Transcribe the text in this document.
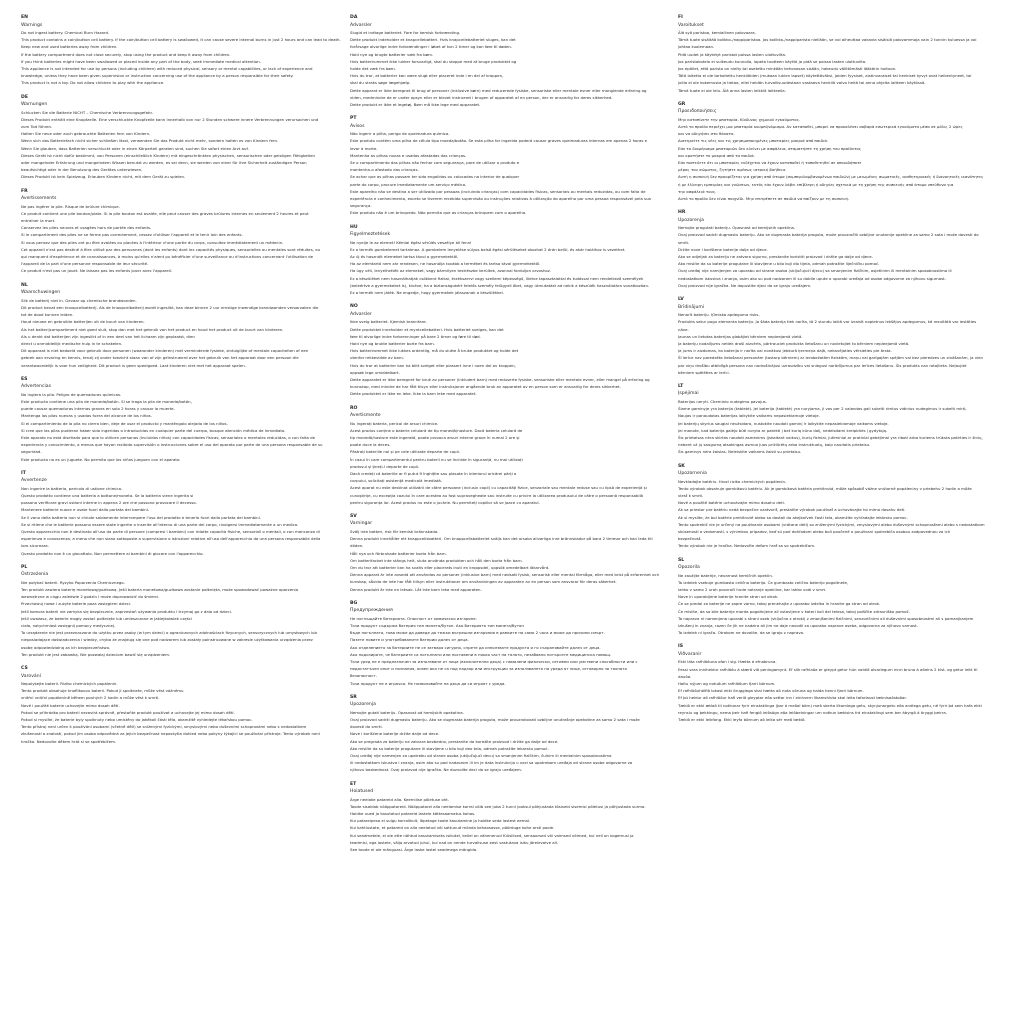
EN
Warnings
Do not ingest battery. Chemical Burn Hazard.
This product contains a coin/button cell battery. If the coin/button cell battery is swallowed, it can cause severe internal burns in just 2 hours and can lead to death.
Keep new and used batteries away from children.
If the battery compartment does not close securely, stop using the product and keep it away from children.
If you think batteries might have been swallowed or placed inside any part of the body, seek immediate medical attention.
This appliance is not intended for use by persons (including children) with reduced physical, sensory or mental capabilities, or lack of experience and
knowledge, unless they have been given supervision or instruction concerning use of the appliance by a person responsible for their safety.
This product is not a toy. Do not allow children to play with the appliance.
DE
Warnungen
Schlucken Sie die Batterie NICHT – Chemische Verbrennungsgefahr.
Dieses Produkt enthält eine Knopfzelle. Eine verschluckte Knopfzelle kann innerhalb von nur 2 Stunden schwere innere Verbrennungen verursachen und
zum Tod führen.
Halten Sie neue oder auch gebrauchte Batterien fern von Kindern.
Wenn sich das Batteriefach nicht sicher schließen lässt, verwenden Sie das Produkt nicht mehr, sondern halten es von Kindern fern.
Wenn Sie glauben, dass Batterien verschluckt oder in einen Körperteil geraten sind, suchen Sie sofort einen Arzt auf.
Dieses Gerät ist nicht dafür bestimmt, von Personen (einschließlich Kindern) mit eingeschränkten physischen, sensorischen oder geistigen Fähigkeiten
oder mangelnder Erfahrung und mangelndem Wissen benutzt zu werden, es sei denn, sie werden von einer für ihre Sicherheit zuständigen Person
beaufsichtigt oder in der Benutzung des Gerätes unterwiesen.
Dieses Produkt ist kein Spielzeug. Erlauben Kindern nicht, mit dem Gerät zu spielen.
FR
Avertissements
Ne pas ingérer la pile. Risque de brûlure chimique.
Ce produit contient une pile bouton/plate. Si la pile bouton est avalée, elle peut causer des graves brûlures internes en seulement 2 heures et peut
entraîner la mort.
Conservez les piles neuves et usagées hors de portée des enfants.
Si le compartiment des piles ne se ferme pas correctement, cessez d'utiliser l'appareil et le tenir loin des enfants.
Si vous pensez que des piles ont pu être avalées ou placées à l'intérieur d'une partie du corps, consultez immédiatement un médecin.
Cet appareil n'est pas destiné à être utilisé par des personnes (dont les enfants) dont les capacités physiques, sensorielles ou mentales sont réduites, ou
qui manquent d'expérience et de connaissances, à moins qu'elles n'aient pu bénéficier d'une surveillance ou d'instructions concernant l'utilisation de
l'appareil de la part d'une personne responsable de leur sécurité.
Ce produit n'est pas un jouet. Ne laissez pas les enfants jouer avec l'appareil.
NL
Waarschuwingen
Slik de batterij niet in. Gevaar op chemische brandwonden.
Dit product bevat een knoopcelbatterij. Als de knoopcelbatterij wordt ingeslikt, kan deze binnen 2 uur ernstige inwendige brandwonden veroorzaken die
tot de dood kunnen leiden.
Houd nieuwe en gebruikte batterijen uit de buurt van kinderen.
Als het batterijcompartiment niet goed sluit, stop dan met het gebruik van het product en houd het product uit de buurt van kinderen.
Als u denkt dat batterijen zijn ingeslikt of in een deel van het lichaam zijn geplaatst, dien
direct u onmiddellijk medische hulp in te schakelen.
Dit apparaat is niet bedoeld voor gebruik door personen (waaronder kinderen) met verminderde fysieke, zintuiglijke of mentale capaciteiten of een
gebrek aan ervaring en kennis, tenzij zij onder toezicht staan van of zijn geïnstrueerd over het gebruik van het apparaat door een persoon die
verantwoordelijk is voor hun veiligheid. Dit product is geen speelgoed. Laat kinderen niet met het apparaat spelen.
ES
Advertencias
No ingiera la pila. Peligro de quemaduras químicas.
Este producto contiene una pila de moneda/botón. Si se traga la pila de moneda/botón,
puede causar quemaduras internas graves en solo 2 horas y causar la muerte.
Mantenga las pilas nuevas y usadas fuera del alcance de los niños.
Si el compartimiento de la pila no cierra bien, deje de usar el producto y manténgalo alejado de los niños.
Si cree que las pilas pudieran haber sido ingeridas o introducidas en cualquier parte del cuerpo, busque atención médica de inmediato.
Este aparato no está diseñado para que lo utilicen personas (incluidos niños) con capacidades físicas, sensoriales o mentales reducidas, o con falta de
experiencia y conocimiento, a menos que hayan recibido supervisión o instrucciones sobre el uso del aparato por parte de una persona responsable de su
seguridad.
Este producto no es un juguete. No permita que los niños jueguen con el aparato.
IT
Avvertenze
Non ingerire la batteria, pericolo di ustione chimica.
Questo prodotto contiene una batteria a bottone/moneta. Se la batteria viene ingerita si
possono verificare gravi ustioni interne in appena 2 ore che possono provocare il decesso.
Mantenere batterie nuove e usate fuori dalla portata dei bambini.
Se il vano della batteria non si chiude saldamente interrompere l'uso del prodotto e tenerlo fuori dalla portata dei bambini.
Se si ritiene che le batterie possano essere state ingerite o inserite all'interno di una parte del corpo, rivolgersi immediatamente a un medico.
Questo apparecchio non è destinato all'uso da parte di persone (compresi i bambini) con ridotte capacità fisiche, sensoriali o mentali, o con mancanza di
esperienza e conoscenza, a meno che non siano sottoposte a supervisione o istruzioni relative all'uso dell'apparecchio da una persona responsabile della
loro sicurezza.
Questo prodotto non è un giocattolo. Non permettere ai bambini di giocare con l'apparecchio.
PL
Ostrzeżenia
Nie połykać baterii. Ryzyko Poparzenia Chemicznego.
Ten produkt zawiera baterię monetową/guzikową. Jeśli bateria monetowa/guzikowa zostanie połknięta, może spowodować poważne oparzenia
wewnętrzne w ciągu zaledwie 2 godzin i może doprowadzić do śmierci.
Przechowuj nowe i zużyte baterie poza zasięgiem dzieci.
Jeśli komora baterii nie zamyka się bezpiecznie, zaprzestań używania produktu i trzymaj go z dala od dzieci.
Jeśli uważasz, że baterie mogły zostać połknięte lub umieszczone w jakiejkolwiek części
ciała, natychmiast zasięgnij pomocy medycznej.
To urządzenie nie jest przeznaczone do użytku przez osoby (w tym dzieci) o ograniczonych zdolnościach fizycznych, sensorycznych lub umysłowych lub
nieposiadające doświadczenia i wiedzy, chyba że znajdują się one pod nadzorem lub zostały poinstruowane w zakresie użytkowania urządzenia przez
osobę odpowiedzialną za ich bezpieczeństwo.
Ten produkt nie jest zabawką. Nie pozwalaj dzieciom bawić się urządzeniem.
CS
Varování
Nepolykejte baterii. Riziko chemických popálenin.
Tento produkt obsahuje knoflíkovou baterii. Pokud ji spolknete, může vést vážnému
vnitřní vnitřní popálenině během pouhých 2 hodin a může vést k smrti.
Nové i použité baterie uchovejte mimo dosah dětí.
Pokud se přihrádka pro baterii nezavírá správně, přestaňte produkt používat a uchovejte jej mimo dosah dětí.
Pokud si myslíte, že baterie byly spolknuty nebo umístěny do jakékoli části těla, okamžitě vyhledejte lékařskou pomoc.
Tento přístroj není určen k používání osobami (včetně dětí) se sníženými fyzickými, smyslovými nebo duševními schopnostmi nebo s nedostatkem
zkušeností a znalostí, pokud jim osoba odpovědná za jejich bezpečnost neposkytla dohled nebo pokyny týkající se používání přístroje. Tento výrobek není
hračka. Nedovolte dětem hrát si se spotřebičem.
DA
Advarsler
Slugid et indtage batteriet. Fare for kemisk forbrænding.
Dette produkt indeholder et knapcellebatteri. Hvis knapcellebatteriet sluges, kan det
forårsage alvorlige indre forbrændinger i løbet af kun 2 timer og kan føre til døden.
Hold nye og brugte batterier væk fra børn.
Hvis batterirummet ikke lukker forsvarligt, skal du stoppe med at bruge produktet og
holde det væk fra børn.
Hvis du tror, at batterier kan være slugt eller placeret inde i en del af kroppen,
skal du straks søge lægehjælp.
Dette apparat er ikke beregnet til brug af personer (inklusive børn) med reducerede fysiske, sensoriske eller mentale evner eller manglende erfaring og
viden, medmindre de er under opsyn eller er blevet instrueret i brugen af apparatet af en person, der er ansvarlig for deres sikkerhed.
Dette produkt er ikke et legetøj. Børn må ikke lege med apparatet.
PT
Avisos
Não ingerir a pilha, perigo de queimadura química.
Este produto contém uma pilha de célula tipo moeda/botão. Se esta pilha for ingerida poderá causar graves queimaduras internas em apenas 2 horas e
levar à morte.
Mantenha as pilhas novas e usadas afastadas das crianças.
Se o compartimento das pilhas não fechar com segurança, pare de utilizar o produto e
mantenha-o afastado das crianças.
Se achar que as pilhas possam ter sido engolidas ou colocadas no interior de qualquer
parte do corpo, procure imediatamente um serviço médico.
Este aparelho não se destina a ser utilizado por pessoas (incluindo crianças) com capacidades físicas, sensoriais ou mentais reduzidas, ou com falta de
experiência e conhecimento, exceto se tiverem recebido supervisão ou instruções relativas à utilização do aparelho por uma pessoa responsável pela sua
segurança.
Este produto não é um brinquedo. Não permita que as crianças brinquem com o aparelho.
HU
Figyelmeztetések
Ne nyelje le az elemet! Kémiai égési sérülés veszélye áll fenn!
Ez a termék gombelemet tartalmaz. A gombelem lenyelése súlyos belső égési sérüléseket okozhat 2 órán belül, és akár halálhoz is vezethet.
Az új és használt elemeket tartsa távol a gyermekektől.
Ha az elemtartó nem zár rendesen, ne használja tovább a terméket és tartsa távol gyermekektől.
Ha úgy véli, lenyelhették az elemeket, vagy bármilyen testrészbe kerültek, azonnal forduljon orvoshoz.
Ez a készüléket nem használhatják csökkent fizikai, érzékszervi vagy szellemi képességű, illetve tapasztalattal és tudással nem rendelkező személyek
(beleértve a gyermekeket is), kivéve, ha a biztonságukért felelős személy felügyeli őket, vagy útmutatást ad nekik a készülék használatára vonatkozóan.
Ez a termék nem játék. Ne engedje, hogy gyermekek játsszanak a készülékkel.
NO
Advarsler
Ikke svelg batteriet. Kjemisk brannfare.
Dette produktet inneholder et myntcellebatteri. Hvis batteriet svelges, kan det
føre til alvorlige indre forbrenninger på bare 2 timer og føre til død.
Hold nye og brukte batterier borte fra barn.
Hvis batterirommet ikke lukkes ordentlig, må du slutte å bruke produktet og holde det
utenfor rekkevidde av barn.
Hvis du tror at batterier kan ha blitt svelget eller plassert inne i noen del av kroppen,
oppsøk lege umiddelbart.
Dette apparatet er ikke beregnet for bruk av personer (inkludert barn) med reduserte fysiske, sensoriske eller mentale evner, eller mangel på erfaring og
kunnskap, med mindre de har fått tilsyn eller instruksjoner angående bruk av apparatet av en person som er ansvarlig for deres sikkerhet.
Dette produktet er ikke en leke. Ikke la barn leke med apparatet.
RO
Avertismente
Nu ingerați bateria, pericol de arsuri chimice.
Acest produs conține o baterie celulară de tip monedă/nasture. Dacă bateria celulară de
tip monedă/nasture este ingerată, poate provoca arsuri interne grave în numai 2 ore și
poate duce la deces.
Păstrați bateriile noi și pe cele utilizate departe de copii.
În cazul în care compartimentul pentru baterii nu se închide în siguranță, nu mai utilizați
produsul și țineți-l departe de copii.
Dacă credeți că bateriile ar fi putut fi înghițite sau plasate în interiorul oricărei părți a
corpului, solicitați asistență medicală imediată.
Acest aparat nu este destinat utilizării de către persoane (inclusiv copii) cu capacități fizice, senzoriale sau mentale reduse sau cu lipsă de experiență și
cunoștințe, cu excepția cazului în care acestea au fost supravegheate sau instruite cu privire la utilizarea produsului de către o persoană responsabilă
pentru siguranța lor. Acest produs nu este o jucărie. Nu permiteți copiilor să se joace cu aparatul.
SV
Varningar
Svälj inte batteri, risk för kemisk brännskada.
Denna produkt innehåller ett knappcellsbatteri. Om knappcellsbatteriet sväljs kan det orsaka allvarliga inre brännskador på bara 2 timmar och kan leda till
döden.
Håll nya och förbrukade batterier borta från barn.
Om batterifacket inte stängs helt, sluta använda produkten och håll den borta från barn.
Om du tror att batterier kan ha svalts eller placerats inuti en kroppsdel, uppsök omedelbart läkarvård.
Denna apparat är inte avsedd att användas av personer (inklusive barn) med nedsatt fysisk, sensorisk eller mental förmåga, eller med brist på erfarenhet och
kunskap, såvida de inte har fått tillsyn eller instruktioner om användningen av apparaten av en person som ansvarar för deras säkerhet.
Denna produkt är inte en leksak. Låt inte barn leka med apparaten.
BG
Предупреждения
Не поглъщайте батерията. Опасност от химическо изгаряне.
Този продукт съдържа батерия тип монета/бутон. Ако батерията тип монета/бутон
бъде погълната, това може да доведе до тежки вътрешни изгаряния в рамките на само 2 часа и може да причини смърт.
Пазете новите и употребяваните батерии далеч от деца.
Ако отделението за батериите не се затваря сигурно, спрете да използвате продукта и го съхранявайте далеч от деца.
Ако подозирате, че батериите са погълнати или поставени в някоя част на тялото, незабавно потърсете медицинска помощ.
Този уред не е предназначен за използване от лица (включително деца) с намалени физически, сетивни или умствени способности или с
недостатъчен опит и познания, освен ако не са под надзор или инструкции за използването на уреда от лице, отговорно за тяхната
безопасност.
Този продукт не е играчка. Не позволявайте на деца да си играят с уреда.
SR
Upozorenja
Nemojte gutati bateriju. Opasnost od hemijskih opekotina.
Ovaj proizvod sadrži dugmastu bateriju. Ako se dugmasta baterija proguta, može prouzrokovati ozbiljne unutrašnje opekotine za samo 2 sata i može
dovesti do smrti.
Nove i korišćene baterije držite dalje od dece.
Ako se pregrada za bateriju ne zatvara bezbedno, prestanite da koristite proizvod i držite ga dalje od dece.
Ako mislite da su baterije progutane ili stavljene u bilo koji deo tela, odmah potražite lekarsku pomoć.
Ovaj uređaj nije namenjen za upotrebu od strane osoba (uključujući decu) sa smanjenim fizičkim, čulnim ili mentalnim sposobnostima
ili nedostatkom iskustva i znanja, osim ako su pod nadzorom ili im je data instrukcija u vezi sa upotrebom uređaja od strane osobe odgovorne za
njihovu bezbednost. Ovaj proizvod nije igračka. Ne dozvolite deci da se igraju uređajem.
ET
Hoiatused
Ärge neelake patareid alla. Keemilise põletuse oht.
Toode sisaldab nööppatareid. Nööppatarei alla neelamise korral võib see juba 2 tunni jooksul põhjustada tõsiseid sisemisi põletusi ja põhjustada surma.
Hoidke uued ja kasutatud patareid lastele kättesaamatus kohas.
Kui patareipesa ei sulgu korralikult, lõpetage toote kasutamine ja hoidke seda lastest eemal.
Kui kahtlustate, et patareid on alla neelatud või sattunud mõnda kehaosasse, pöörduge kohe arsti poole.
Kui seadmetele, ei ole ette nähtud kasutamiseks isikutel, kellel on vähenenud füüsilised, sensoorsed või vaimsed võimed, kui neil on kogemusi ja
teadmisi, ega lastele, välja arvatud juhul, kui nad on nende turvalisuse eest vastutava isiku järelevalve all.
See toode ei ole mänguasi. Ärge laske lastel seadmega mängida.
FI
Varoitukset
Älä syö paristoa, kemiallinen palovaara.
Tämä tuote sisältää kolikko-/nappiparistoa. Jos kolikko-/nappiparisto niellään, se voi aiheuttaa vakavia sisäisiä palovammoja vain 2 tunnin kuluessa ja voi
johtaa kuolemaan.
Pidä uudet ja käytetyt paristot poissa lasten ulottuvilta.
Jos paristokotelo ei sulkeudu kunnolla, lopeta tuotteen käyttö ja pidä se poissa lasten ulottuvilta.
Jos epäilet, että paristo on nielty tai asetettu minkään kehonosan sisään, hakeudu välittömästi lääkärin hoitoon.
Tätä laitetta ei ole tarkoitettu henkilöiden (mukaan lukien lapset) käytettäväksi, joiden fyysiset, aistinvaraiset tai henkiset kyvyt ovat heikentyneet, tai
joilla ei ole kokemusta ja tietoa, ellei heidän turvallisuudestaan vastaava henkilö valvo heitä tai anna ohjeita laitteen käytössä.
Tämä tuote ei ole lelu. Älä anna lasten leikkiä laitteella.
GR
Προειδοποιήσεις
Μην καταπίνετε την μπαταρία. Κίνδυνος χημικού εγκαύματος.
Αυτό το προϊόν περιέχει μια μπαταρία κουμπί/νόμισμα. Αν καταποθεί, μπορεί να προκαλέσει σοβαρά εσωτερικά εγκαύματα μέσα σε μόλις 2 ώρες
και να οδηγήσει στο θάνατο.
Διατηρείτε τις νέες και τις χρησιμοποιημένες μπαταρίες μακριά από παιδιά.
Εάν το διαμέρισμα μπαταριών δεν κλείνει με ασφάλεια, σταματήστε τη χρήση του προϊόντος
και κρατήστε το μακριά από τα παιδιά.
Εάν πιστεύετε ότι οι μπαταρίες ενδέχεται να έχουν καταποθεί ή τοποθετηθεί σε οποιοδήποτε
μέρος του σώματος, ζητήστε αμέσως ιατρική βοήθεια.
Αυτή η συσκευή δεν προορίζεται για χρήση από άτομα (συμπεριλαμβανομένων παιδιών) με μειωμένες σωματικές, αισθητηριακές ή διανοητικές ικανότητες
ή με έλλειψη εμπειρίας και γνώσεων, εκτός εάν έχουν λάβει επίβλεψη ή οδηγίες σχετικά με τη χρήση της συσκευής από άτομο υπεύθυνο για
την ασφάλειά τους.
Αυτό το προϊόν δεν είναι παιχνίδι. Μην επιτρέπετε σε παιδιά να παίζουν με τη συσκευή.
HR
Upozorenja
Nemojte progutati bateriju. Opasnost od kemijskih opeklina.
Ovaj proizvod sadrži dugmastu bateriju. Ako se dugmasta baterija proguta, može prouzročiti ozbiljne unutarnje opekline za samo 2 sata i može dovesti do
smrti.
Držite nove i korištene baterije dalje od djece.
Ako se odjeljak za bateriju ne zatvara sigurno, prestanite koristiti proizvod i držite ga dalje od djece.
Ako mislite da su baterije progutane ili stavljene u bilo koji dio tijela, odmah potražite liječničku pomoć.
Ovaj uređaj nije namijenjen za uporabu od strane osoba (uključujući djecu) sa smanjenim fizičkim, osjetilnim ili mentalnim sposobnostima ili
nedostatkom iskustva i znanja, osim ako su pod nadzorom ili su dobile upute o uporabi uređaja od osobe odgovorne za njihovu sigurnost.
Ovaj proizvod nije igračka. Ne dopustite djeci da se igraju uređajem.
LV
Brīdinājumi
Nenorīt bateriju. Ķīmiska apdeguma risks.
Produkts satur pogu elementa bateriju. Ja šāda baterija tiek norīta, tā 2 stundu laikā var izraisīt nopietnus iekšējus apdegumus, kā rezultātā var iestāties
nāve.
Jaunas un lietotas baterijas glabājiet bērniem nepieejamā vietā.
Ja bateriju nodalījums netiek droši aizvērts, pārtrauciet produkta lietošanu un novietojiet to bērniem nepieejamā vietā.
Ja jums ir aizdomas, ka baterija ir norīta vai nonākusi jebkurā ķermeņa daļā, nekavējoties vērsieties pie ārsta.
Šī ierīce nav paredzēta lietošanai personām (tostarp bērniem) ar ierobežotām fiziskām, maņu vai garīgajām spējām vai bez pieredzes un zināšanām, ja vien
par viņu drošību atbildīgā persona nav nodrošinājusi uzraudzību vai sniegusi norādījumus par ierīces lietošanu. Šis produkts nav rotaļlieta. Neļaujiet
bērniem spēlēties ar ierīci.
LT
Įspėjimai
Baterijos neryti. Cheminio nudegimo pavojus.
Šiame gaminyje yra baterija (tabletė). Jei baterija (tabletė) yra nuryjama, ji vos per 2 valandas gali sukelti rimtus vidinius nudegimus ir sukelti mirtį.
Naujas ir panaudotas baterijas laikykite vaikams nepasiekiamoje vietoje.
Jei baterijų skyrius saugiai neužsidaro, nustokite naudoti gaminį ir laikykite nepasiekiamoje vaikams vietoje.
Jei manote, kad baterija galėjo būti nuryta ar patekti į bet kurią kūno dalį, nedelsdami kreipkitės į gydytoją.
Šis prietaisas nėra skirtas naudoti asmenims (įskaitant vaikus), kurių fiziniai, jutiminiai ar protiniai gebėjimai yra riboti arba kuriems trūksta patirties ir žinių,
nebent už jų saugumą atsakingas asmuo juos prižiūrėtų arba instruktuotų, kaip naudotis prietaisu.
Šis gaminys nėra žaislas. Neleiskite vaikams žaisti su prietaisu.
SK
Upozornenia
Nevkladajte batériu. Hrozí riziko chemických popálenín.
Tento výrobok obsahuje gombíkovú batériu. Ak je gombíková batéria prehltnutá, môže spôsobiť vážne vnútorné popáleniny v priebehu 2 hodín a môže
viesť k smrti.
Nové a použité batérie uchovávajte mimo dosahu detí.
Ak sa priestor pre batériu nedá bezpečne uzatvoriť, prestaňte výrobok používať a uchovávajte ho mimo dosahu detí.
Ak si myslíte, že bol batérie prehltnuté alebo sa dostali do akejkoľvek časti tela, okamžite vyhľadajte lekársku pomoc.
Tento spotrebič nie je určený na používanie osobami (vrátane detí) so zníženými fyzickými, zmyslovými alebo duševnými schopnosťami alebo s nedostatkom
skúseností a vedomostí, s výnimkou prípadov, keď sú pod dohľadom alebo boli poučené o používaní spotrebiča osobou zodpovednou za ich
bezpečnosť.
Tento výrobok nie je hračka. Nedovoľte deťom hrať sa so spotrebičom.
SL
Opozorila
Ne zaužijte baterije, nevarnost kemičnih opeklin.
Ta izdelek vsebuje gumbasto celično baterijo. Če gumbasto celično baterijo pogoltnete,
lahko v samo 2 urah povzroči hude notranje opekline, kar lahko vodi v smrt.
Nove in uporabljene baterije hranite stran od otrok.
Če se predal za baterije ne zapre varno, takoj prenehajte z uporabo izdelka in hranite ga stran od otrok.
Če mislite, da so bile baterije morda pogoltnjene ali vstavljene v kateri koli del telesa, takoj poiščite zdravniško pomoč.
Ta naprava ni namenjena uporabi s strani oseb (vključno z otroki) z zmanjšanimi fizičnimi, senzoričnimi ali duševnimi sposobnostmi ali s pomanjkanjem
izkušenj in znanja, razen če jih ne nadzira ali jim ne daje navodil za uporabo naprave oseba, odgovorna za njihovo varnost.
Ta izdelek ni igrača. Otrokom ne dovolite, da se igrajo z napravo.
IS
Viðvaranir
Ekki láta rafhlöðuna ofan í sig. Hætta á efnabruna.
Þessi vara inniheldur rafhlöðu á stærð við peningamynt. Ef slík rafhlaða er gleypt getur hún valdið alvarlegum innri bruna á aðeins 2 klst. og getur leitt til
dauða.
Haltu nýjum og notuðum rafhlöðum fjarri börnum.
Ef rafhlöðuhólfið lokast ekki örugglega skal hætta að nota vöruna og halda henni fjarri börnum.
Ef þú heldur að rafhlöður hafi verið gleyptar eða settar inn í einhvern líkamshluta skal leita tafarlaust læknisaðstoðar.
Tækið er ekki ætlað til notkunar fyrir einstaklinga (þar á meðal börn) með skerta líkamlega getu, skynjunargetu eða andlega getu, né fyrir þá sem hafa ekki
reynslu og þekkingu, nema þeir hafi fengið leiðsögn eða leiðbeiningar um notkun tækisins frá einstaklingi sem ber ábyrgð á öryggi þeirra.
Tækið er ekki leikfang. Ekki leyfa börnum að leika sér með tækið.
